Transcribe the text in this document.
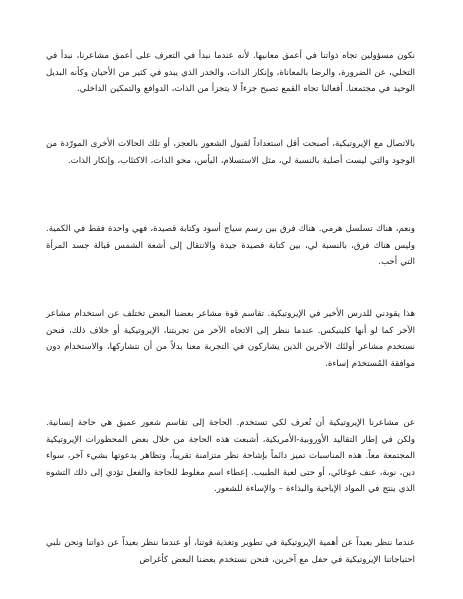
نكون مسؤولين تجاه ذواتنا في أعمق معانيها. لأنه عندما نبدأ في التعرف على أعمق مشاعرنا، نبدأ في التخلي، عن الضرورة، والرضا بالمعاناة، وإنكار الذات، والخدر الذي يبدو في كثير من الأحيان وكأنه البديل الوحيد في مجتمعنا. أفعالنا تجاه القمع تصبح جزءاً لا يتجزأ من الذات، الدوافع والتمكين الداخلي.

بالاتصال مع الإيروتيكية، أصبحت أقل استعداداً لقبول الشعور بالعجز، أو تلك الحالات الأخرى المورّدة من الوجود والتي ليست أصلية بالنسبة لي، مثل الاستسلام، اليأس، محو الذات، الاكتئاب، وإنكار الذات.

ونعم، هناك تسلسل هرمي. هناك فرق بين رسم سياج أسود وكتابة قصيدة، فهي واحدة فقط في الكمية. وليس هناك فرق، بالنسبة لي، بين كتابة قصيدة جيدة والانتقال إلى أشعة الشمس قبالة جسد المرأة التي أحب.

هذا يقودني للدرس الأخير في الإيروتيكية. تقاسم قوة مشاعر بعضنا البعض تختلف عن استخدام مشاعر الآخر كما لو أنها كلينيكس. عندما ننظر إلى الاتجاه الآخر من تجربتنا، الإيروتيكية أو خلاف ذلك، فنحن نستخدم مشاعر أولئك الآخرين الذين يشاركون في التجربة معنا بدلاً من أن نتشاركها، والاستخدام دون موافقة المُستخدَم إساءة.

عن مشاعرنا الإيروتيكية أن تُعرف لكي تستخدم. الحاجة إلى تقاسم شعور عميق هي حاجة إنسانية. ولكن في إطار التقاليد الأوروبية-الأمريكية، أشبعت هذه الحاجة من خلال بعض المحظورات الإيروتيكية المجتمعة معاً. هذه المناسبات تميز دائماً بإشاحة نظر متزامنة تقريباً، وتظاهر بدعوتها بشيء آخر، سواء دين، نوبة، عنف غوغائي، أو حتى لعبة الطبيب. إعطاء اسم مغلوط للحاجة والفعل تؤدي إلى ذلك التشوه الذي ينتج في المواد الإباحية والبذاءة – والإساءة للشعور.

عندما ننظر بعيداً عن أهمية الإيروتيكية في تطوير وتغذية قوتنا، أو عندما ننظر بعيداً عن ذواتنا ونحن نلبي احتياجاتنا الإيروتيكية في حفل مع آخرين، فنحن نستخدم بعضنا البعض كأغراض
